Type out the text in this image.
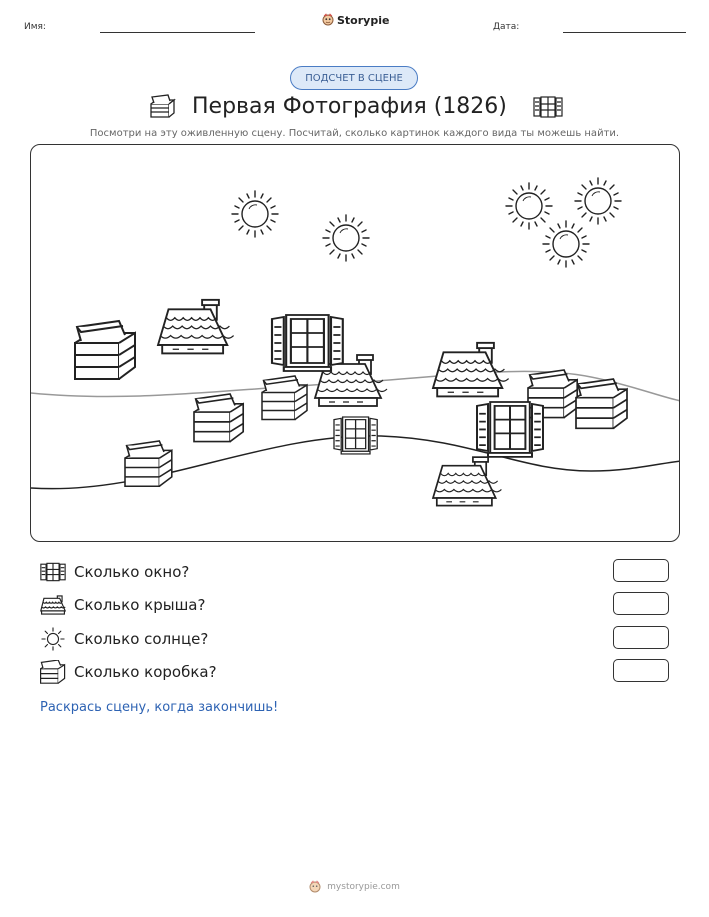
Имя:
Storypie
Дата:
ПОДСЧЕТ В СЦЕНЕ
Первая Фотография (1826)
Посмотри на эту оживленную сцену. Посчитай, сколько картинок каждого вида ты можешь найти.
Сколько окно?
Сколько крыша?
Сколько солнце?
Сколько коробка?
Раскрась сцену, когда закончишь!
mystorypie.com
